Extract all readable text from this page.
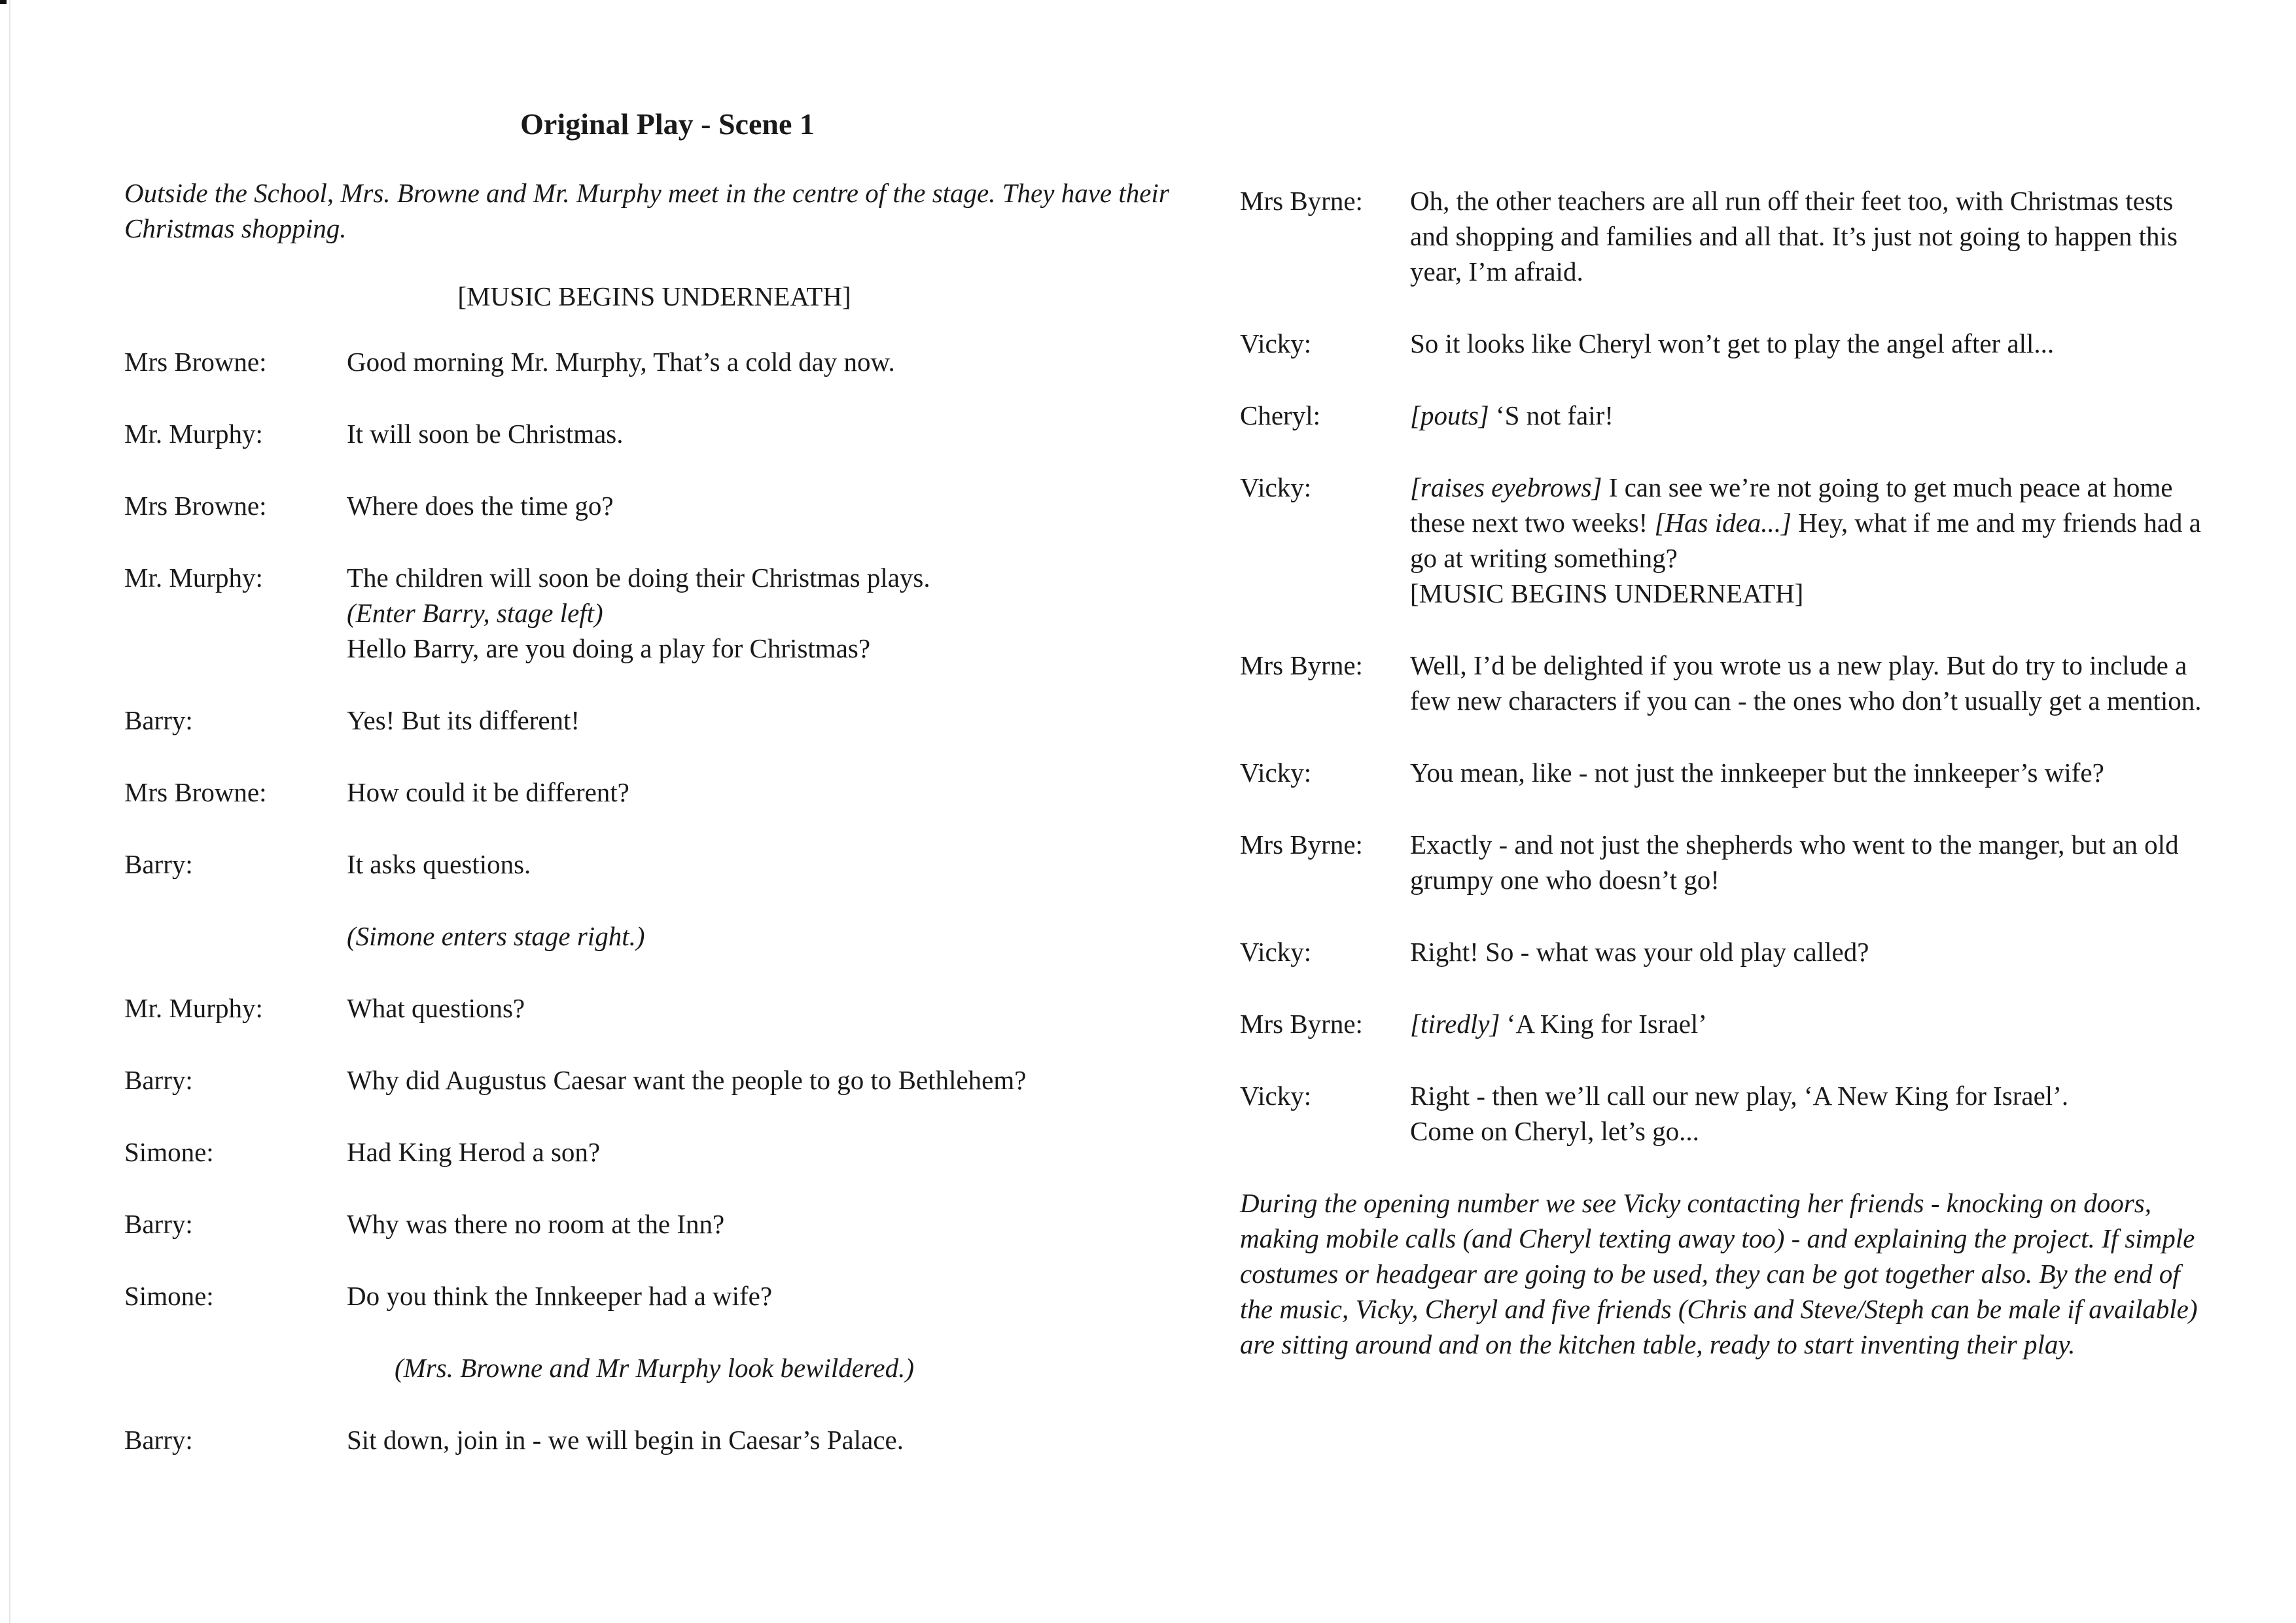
Original Play - Scene 1

Outside the School, Mrs. Browne and Mr. Murphy meet in the centre of the stage. They have their Christmas shopping.

[MUSIC BEGINS UNDERNEATH]
Mrs Browne:	Good morning Mr. Murphy, That’s a cold day now.

Mr. Murphy:	It will soon be Christmas.

Mrs Browne:	Where does the time go?

Mr. Murphy:	The children will soon be doing their Christmas plays.

(Enter Barry, stage left)

Hello Barry, are you doing a play for Christmas?

Barry:	Yes! But its different!

Mrs Browne:	How could it be different?

Barry:	It asks questions.

(Simone enters stage right.)

Mr. Murphy:	What questions?

Barry:	Why did Augustus Caesar want the people to go to Bethlehem?

Simone:	Had King Herod a son?

Barry:	Why was there no room at the Inn?

Simone:	Do you think the Innkeeper had a wife?

(Mrs. Browne and Mr Murphy look bewildered.)
Barry:	Sit down, join in - we will begin in Caesar’s Palace.

Mrs Byrne:	Oh, the other teachers are all run off their feet too, with Christmas tests and shopping and families and all that. It’s just not going to happen this year, I’m afraid.

Vicky:	So it looks like Cheryl won’t get to play the angel after all...

Cheryl:	[pouts] ‘S not fair!

Vicky:	[raises eyebrows] I can see we’re not going to get much peace at home these next two weeks! [Has idea...] Hey, what if me and my friends had a go at writing something?

[MUSIC BEGINS UNDERNEATH]

Mrs Byrne:	Well, I’d be delighted if you wrote us a new play. But do try to include a few new characters if you can - the ones who don’t usually get a mention.

Vicky:	You mean, like - not just the innkeeper but the innkeeper’s wife?

Mrs Byrne:	Exactly - and not just the shepherds who went to the manger, but an old grumpy one who doesn’t go!

Vicky:	Right! So - what was your old play called?

Mrs Byrne:	[tiredly] ‘A King for Israel’

Vicky:	Right - then we’ll call our new play, ‘A New King for Israel’.

Come on Cheryl, let’s go...

During the opening number we see Vicky contacting her friends - knocking on doors, making mobile calls (and Cheryl texting away too) - and explaining the project. If simple costumes or headgear are going to be used, they can be got together also. By the end of the music, Vicky, Cheryl and five friends (Chris and Steve/Steph can be male if available) are sitting around and on the kitchen table, ready to start inventing their play.
